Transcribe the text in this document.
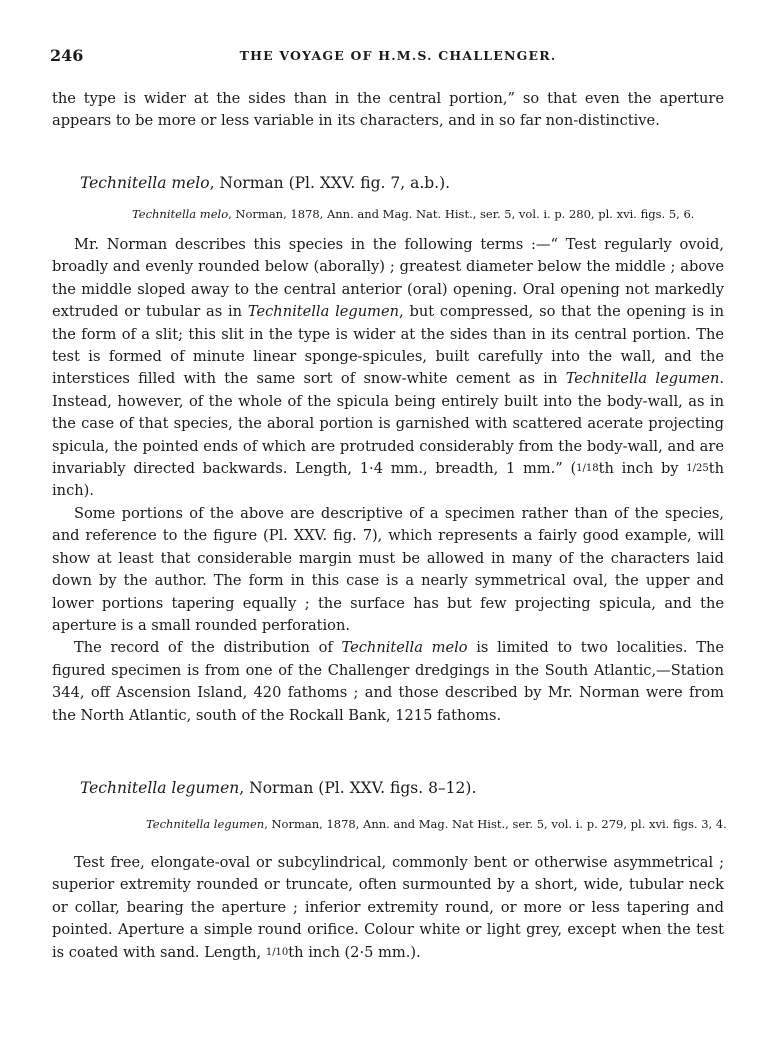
246	THE VOYAGE OF H.M.S. CHALLENGER.

the type is wider at the sides than in the central portion,” so that even the aperture appears to be more or less variable in its characters, and in so far non-distinctive.

Technitella melo, Norman (Pl. XXV. fig. 7, a.b.).
Technitella melo, Norman, 1878, Ann. and Mag. Nat. Hist., ser. 5, vol. i. p. 280, pl. xvi. figs. 5, 6.

Mr. Norman describes this species in the following terms :—“ Test regularly ovoid, broadly and evenly rounded below (aborally) ; greatest diameter below the middle ; above the middle sloped away to the central anterior (oral) opening. Oral opening not markedly extruded or tubular as in Technitella legumen, but compressed, so that the opening is in the form of a slit; this slit in the type is wider at the sides than in its central portion. The test is formed of minute linear sponge-spicules, built carefully into the wall, and the interstices filled with the same sort of snow-white cement as in Technitella legumen. Instead, however, of the whole of the spicula being entirely built into the body-wall, as in the case of that species, the aboral portion is garnished with scattered acerate projecting spicula, the pointed ends of which are protruded considerably from the body-wall, and are invariably directed backwards. Length, 1·4 mm., breadth, 1 mm.” (1/18th inch by 1/25th inch).

Some portions of the above are descriptive of a specimen rather than of the species, and reference to the figure (Pl. XXV. fig. 7), which represents a fairly good example, will show at least that considerable margin must be allowed in many of the characters laid down by the author. The form in this case is a nearly symmetrical oval, the upper and lower portions tapering equally ; the surface has but few projecting spicula, and the aperture is a small rounded perforation.

The record of the distribution of Technitella melo is limited to two localities. The figured specimen is from one of the Challenger dredgings in the South Atlantic,—Station 344, off Ascension Island, 420 fathoms ; and those described by Mr. Norman were from the North Atlantic, south of the Rockall Bank, 1215 fathoms.

Technitella legumen, Norman (Pl. XXV. figs. 8–12).
Technitella legumen, Norman, 1878, Ann. and Mag. Nat Hist., ser. 5, vol. i. p. 279, pl. xvi. figs. 3, 4.

Test free, elongate-oval or subcylindrical, commonly bent or otherwise asymmetrical ; superior extremity rounded or truncate, often surmounted by a short, wide, tubular neck or collar, bearing the aperture ; inferior extremity round, or more or less tapering and pointed. Aperture a simple round orifice. Colour white or light grey, except when the test is coated with sand. Length, 1/10th inch (2·5 mm.).
